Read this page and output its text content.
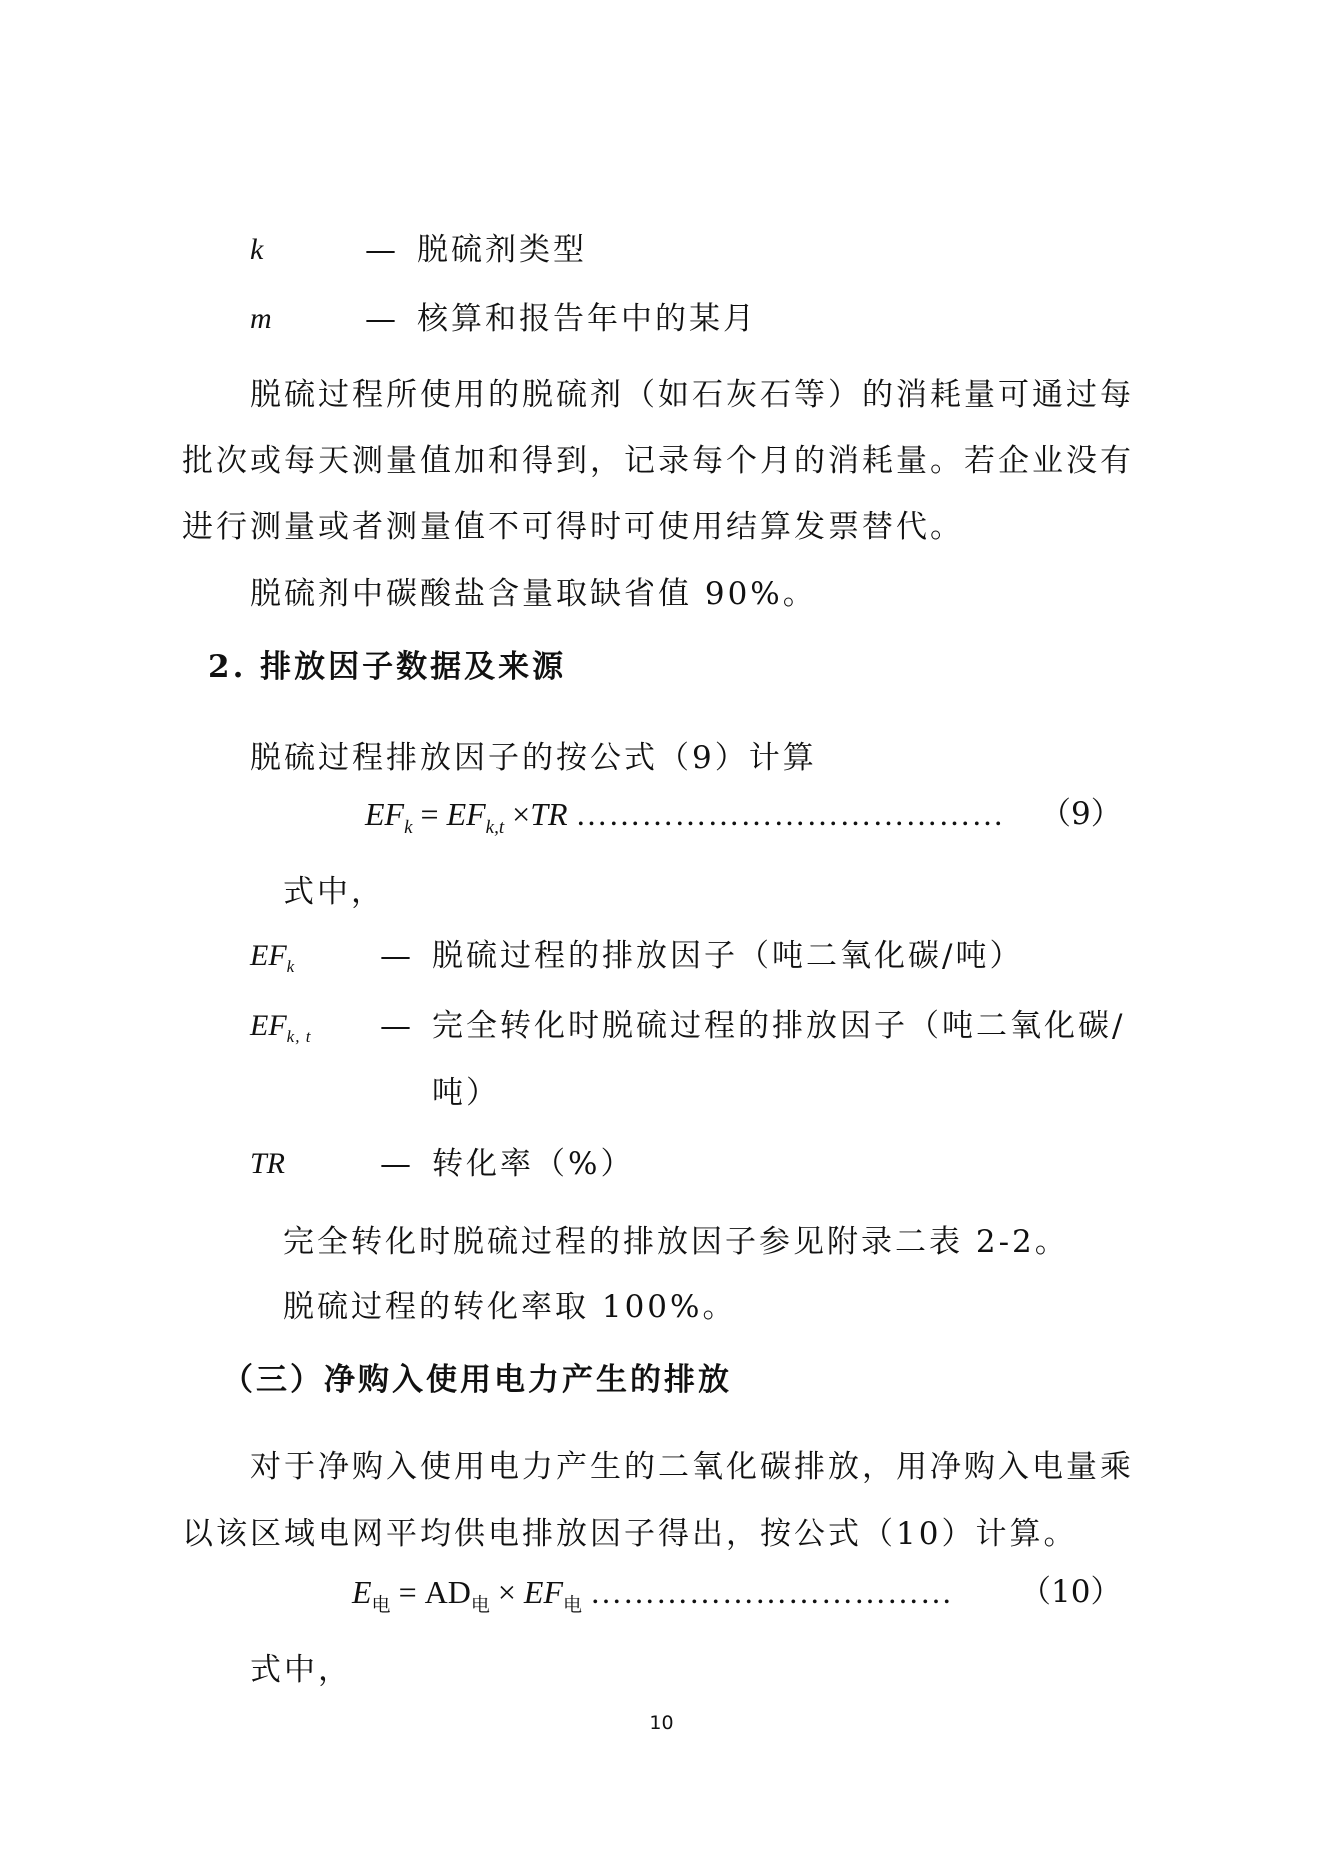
k	— 脱硫剂类型
m	— 核算和报告年中的某月
脱硫过程所使用的脱硫剂（如石灰石等）的消耗量可通过每
批次或每天测量值加和得到，记录每个月的消耗量。若企业没有
进行测量或者测量值不可得时可使用结算发票替代。
脱硫剂中碳酸盐含量取缺省值 90%。
2. 排放因子数据及来源
脱硫过程排放因子的按公式（9）计算
$EF_k = EF_{k,t} \times TR$ ………………………………… （9）
式中，
$EF_k$	— 脱硫过程的排放因子（吨二氧化碳/吨）
$EF_{k, t}$ — 完全转化时脱硫过程的排放因子（吨二氧化碳/
吨）
TR	— 转化率（%）
完全转化时脱硫过程的排放因子参见附录二表 2-2。
脱硫过程的转化率取 100%。
（三）净购入使用电力产生的排放
对于净购入使用电力产生的二氧化碳排放，用净购入电量乘
以该区域电网平均供电排放因子得出，按公式（10）计算。
$E_电 = AD_电 \times EF_电$ …………………………… （10）
式中，
10
